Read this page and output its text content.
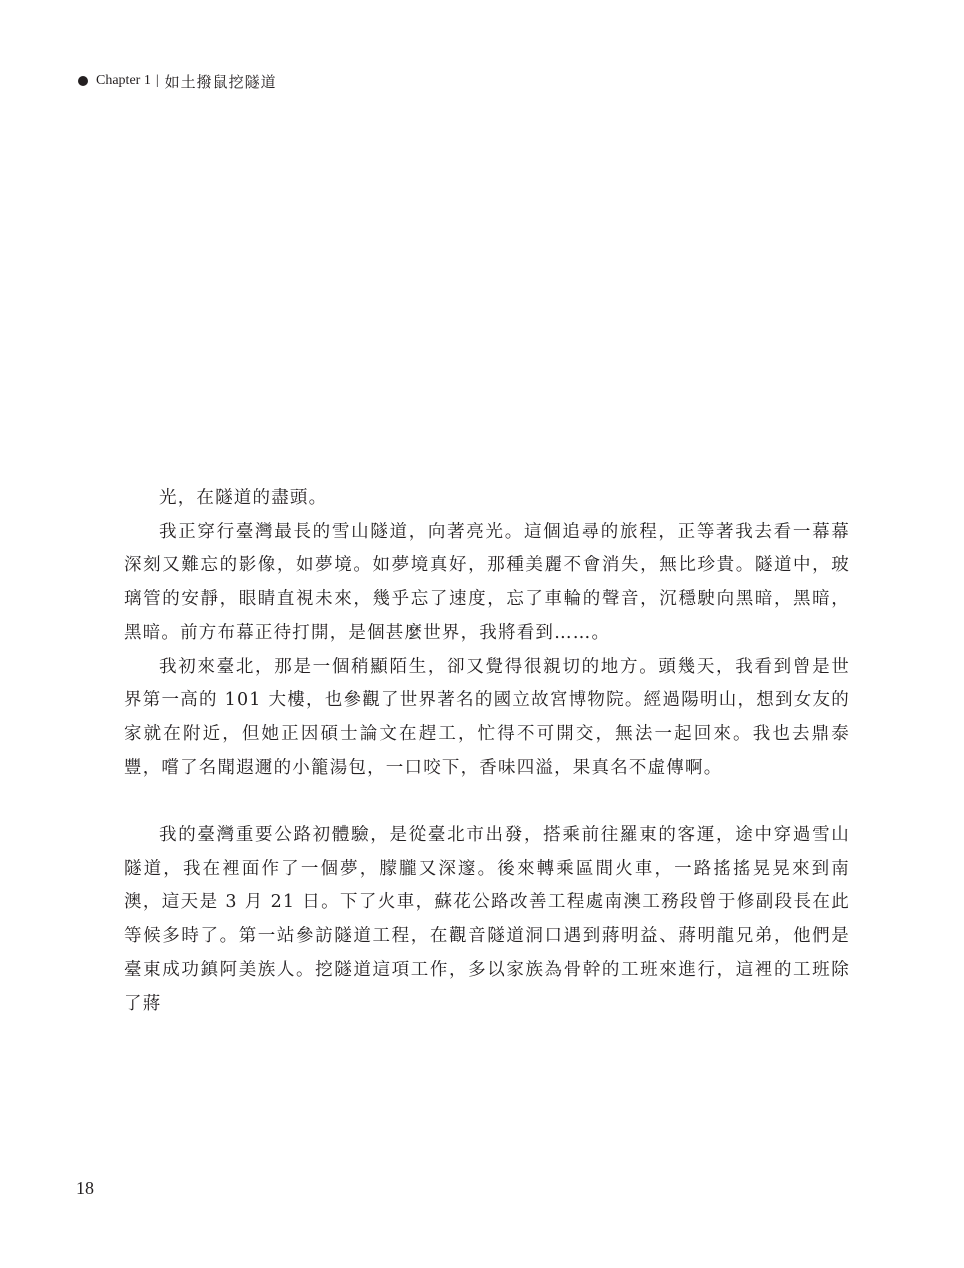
Chapter 1 | 如土撥鼠挖隧道

光，在隧道的盡頭。

我正穿行臺灣最長的雪山隧道，向著亮光。這個追尋的旅程，正等著我去看一幕幕深刻又難忘的影像，如夢境。如夢境真好，那種美麗不會消失，無比珍貴。隧道中，玻璃管的安靜，眼睛直視未來，幾乎忘了速度，忘了車輪的聲音，沉穩駛向黑暗，黑暗，黑暗。前方布幕正待打開，是個甚麼世界，我將看到……。

我初來臺北，那是一個稍顯陌生，卻又覺得很親切的地方。頭幾天，我看到曾是世界第一高的 101 大樓，也參觀了世界著名的國立故宮博物院。經過陽明山，想到女友的家就在附近，但她正因碩士論文在趕工，忙得不可開交，無法一起回來。我也去鼎泰豐，嚐了名聞遐邇的小籠湯包，一口咬下，香味四溢，果真名不虛傳啊。

我的臺灣重要公路初體驗，是從臺北市出發，搭乘前往羅東的客運，途中穿過雪山隧道，我在裡面作了一個夢，朦朧又深邃。後來轉乘區間火車，一路搖搖晃晃來到南澳，這天是 3 月 21 日。下了火車，蘇花公路改善工程處南澳工務段曾于修副段長在此等候多時了。第一站參訪隧道工程，在觀音隧道洞口遇到蔣明益、蔣明龍兄弟，他們是臺東成功鎮阿美族人。挖隧道這項工作，多以家族為骨幹的工班來進行，這裡的工班除了蔣

18
